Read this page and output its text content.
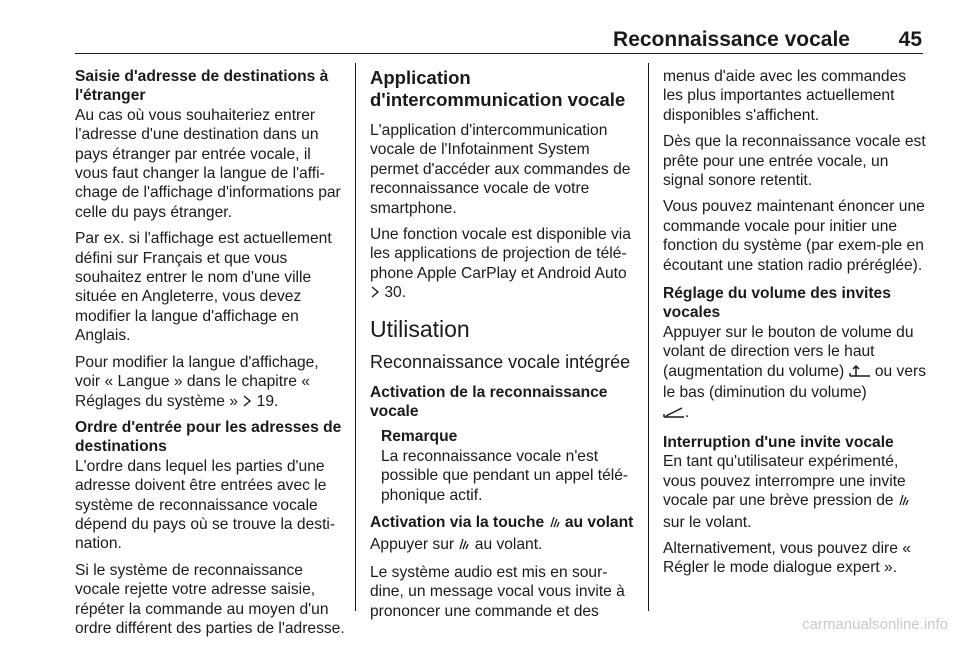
Reconnaissance vocale 45
Saisie d'adresse de destinations à l'étranger

Au cas où vous souhaiteriez entrer l'adresse d'une destination dans un pays étranger par entrée vocale, il vous faut changer la langue de l'affi-chage de l'affichage d'informations par celle du pays étranger.

Par ex. si l'affichage est actuellement défini sur Français et que vous souhaitez entrer le nom d'une ville située en Angleterre, vous devez modifier la langue d'affichage en Anglais.

Pour modifier la langue d'affichage, voir « Langue » dans le chapitre « Réglages du système » 19.

Ordre d'entrée pour les adresses de destinations

L'ordre dans lequel les parties d'une adresse doivent être entrées avec le système de reconnaissance vocale dépend du pays où se trouve la desti-nation.

Si le système de reconnaissance vocale rejette votre adresse saisie, répéter la commande au moyen d'un ordre différent des parties de l'adresse.

Application d'intercommunication vocale

L'application d'intercommunication vocale de l'Infotainment System permet d'accéder aux commandes de reconnaissance vocale de votre smartphone.

Une fonction vocale est disponible via les applications de projection de télé-phone Apple CarPlay et Android Auto  30.

Utilisation
Reconnaissance vocale intégrée
Activation de la reconnaissance vocale
Remarque
La reconnaissance vocale n'est possible que pendant un appel télé-phonique actif.
Activation via la touche au volant

Appuyer sur au volant.

Le système audio est mis en sour-dine, un message vocal vous invite à prononcer une commande et des

menus d'aide avec les commandes les plus importantes actuellement disponibles s'affichent.

Dès que la reconnaissance vocale est prête pour une entrée vocale, un signal sonore retentit.

Vous pouvez maintenant énoncer une commande vocale pour initier une fonction du système (par exem-ple en écoutant une station radio préréglée).

Réglage du volume des invites vocales

Appuyer sur le bouton de volume du volant de direction vers le haut (augmentation du volume) ou vers le bas (diminution du volume)
.

Interruption d'une invite vocale

En tant qu'utilisateur expérimenté, vous pouvez interrompre une invite vocale par une brève pression de  sur le volant.

Alternativement, vous pouvez dire « Régler le mode dialogue expert ».

carmanualsonline.info
